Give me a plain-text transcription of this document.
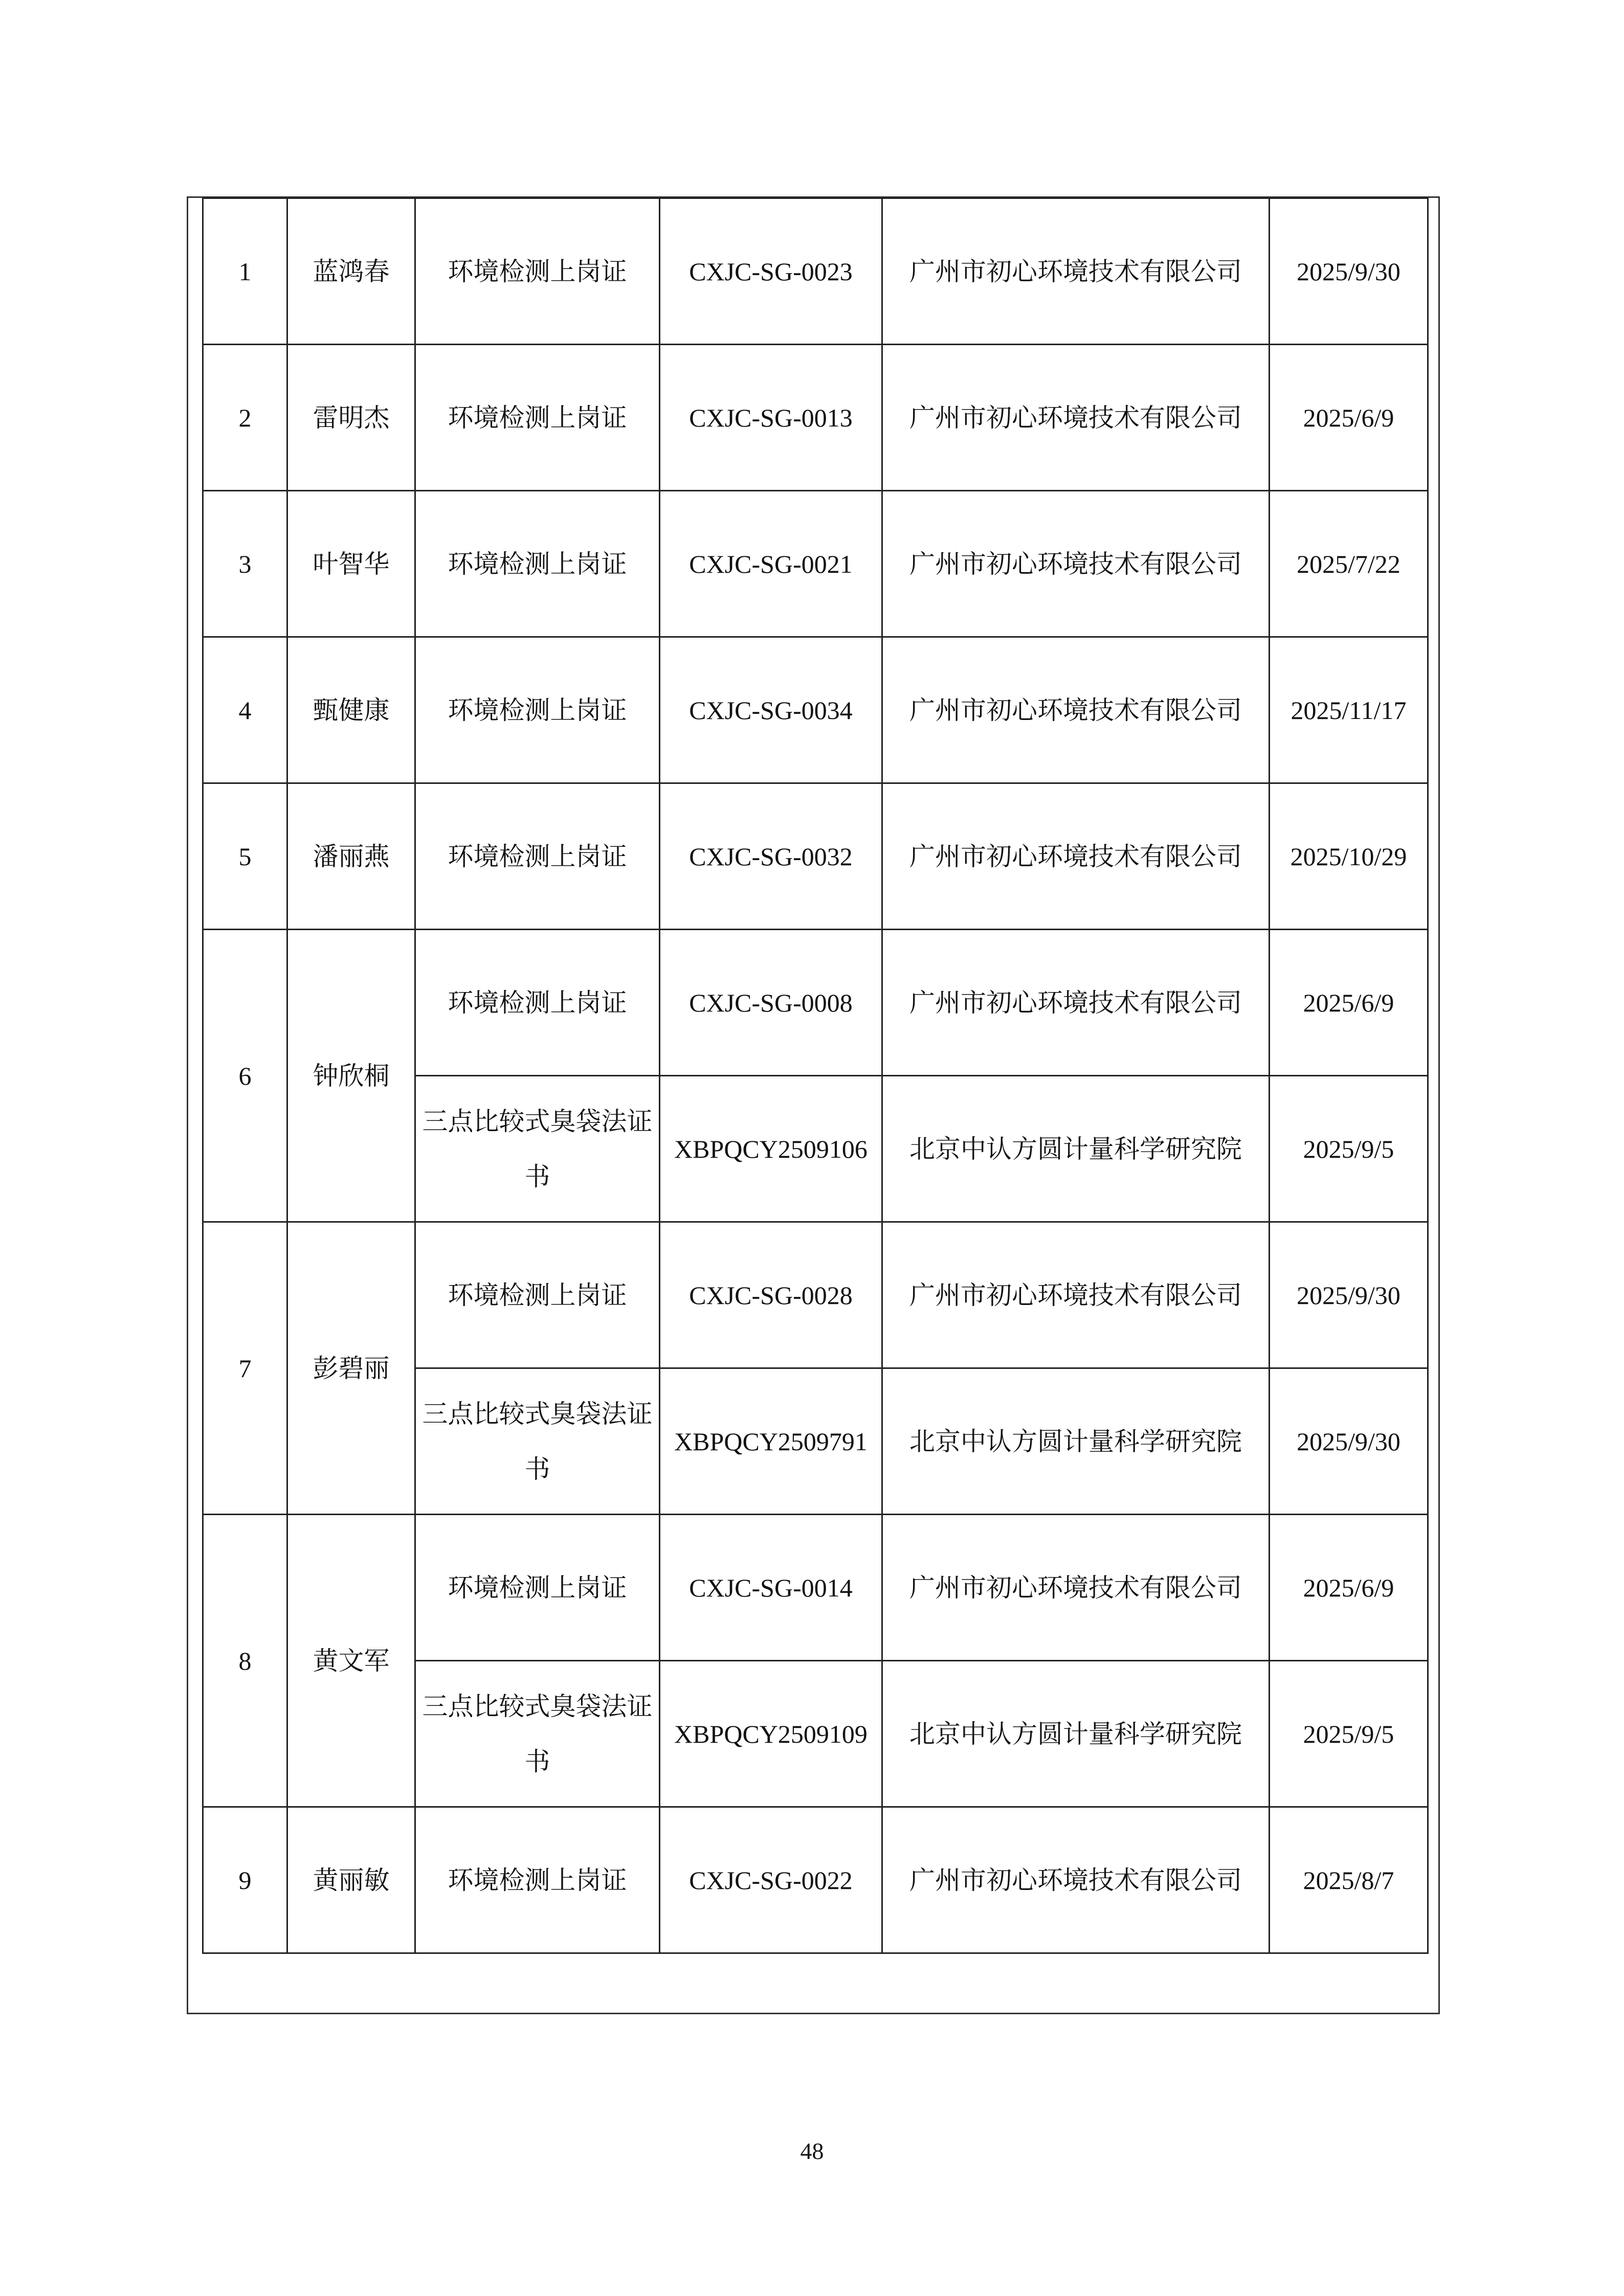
1	蓝鸿春	环境检测上岗证	CXJC-SG-0023	广州市初心环境技术有限公司	2025/9/30
2	雷明杰	环境检测上岗证	CXJC-SG-0013	广州市初心环境技术有限公司	2025/6/9
3	叶智华	环境检测上岗证	CXJC-SG-0021	广州市初心环境技术有限公司	2025/7/22
4	甄健康	环境检测上岗证	CXJC-SG-0034	广州市初心环境技术有限公司	2025/11/17
5	潘丽燕	环境检测上岗证	CXJC-SG-0032	广州市初心环境技术有限公司	2025/10/29
6	钟欣桐	环境检测上岗证	CXJC-SG-0008	广州市初心环境技术有限公司	2025/6/9
		三点比较式臭袋法证书	XBPQCY2509106	北京中认方圆计量科学研究院	2025/9/5
7	彭碧丽	环境检测上岗证	CXJC-SG-0028	广州市初心环境技术有限公司	2025/9/30
		三点比较式臭袋法证书	XBPQCY2509791	北京中认方圆计量科学研究院	2025/9/30
8	黄文军	环境检测上岗证	CXJC-SG-0014	广州市初心环境技术有限公司	2025/6/9
		三点比较式臭袋法证书	XBPQCY2509109	北京中认方圆计量科学研究院	2025/9/5
9	黄丽敏	环境检测上岗证	CXJC-SG-0022	广州市初心环境技术有限公司	2025/8/7
48
